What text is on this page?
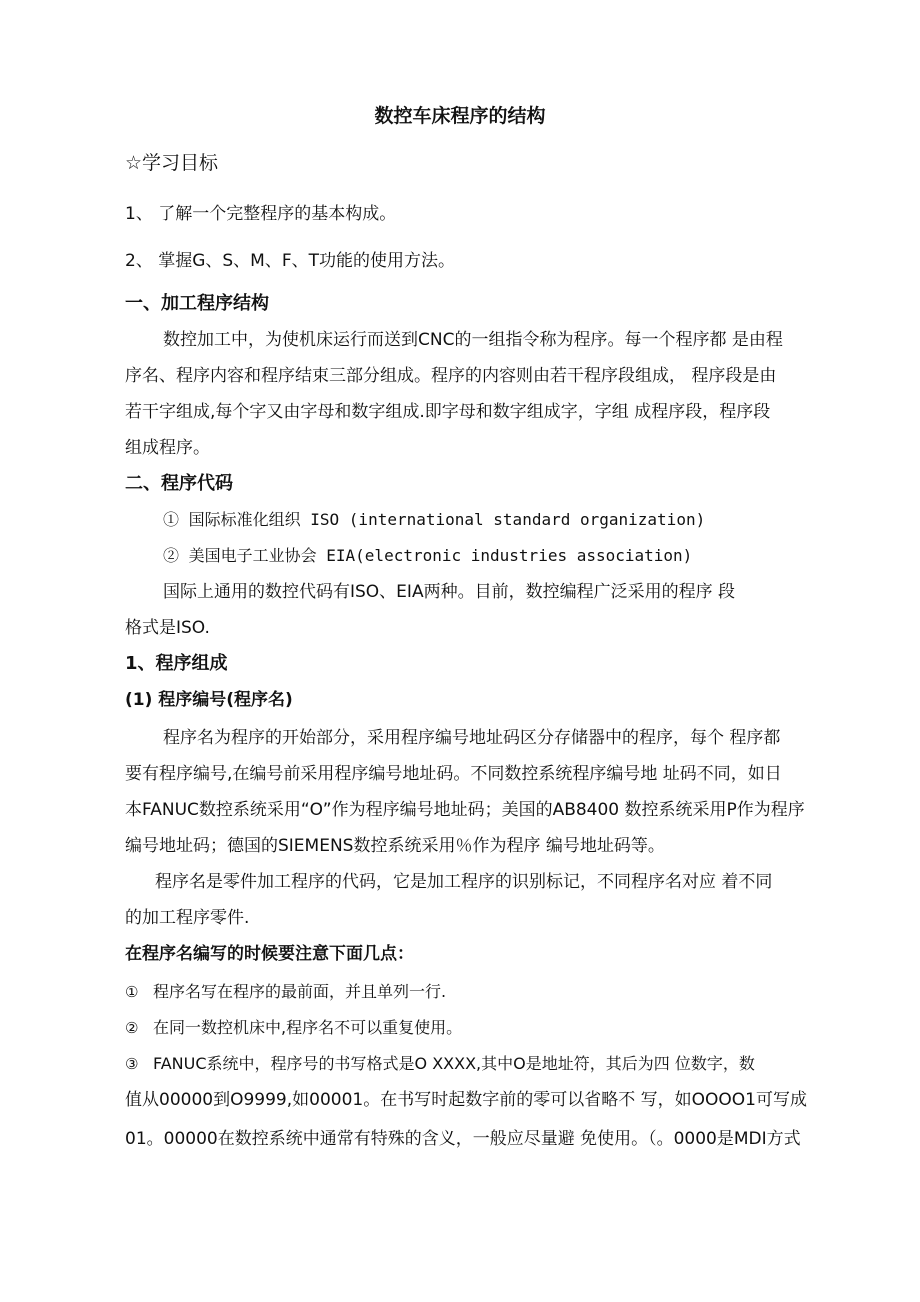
数控车床程序的结构

☆学习目标

1、 了解一个完整程序的基本构成。

2、 掌握G、S、M、F、T功能的使用方法。

一、加工程序结构

数控加工中，为使机床运行而送到CNC的一组指令称为程序。每一个程序都 是由程

序名、程序内容和程序结束三部分组成。程序的内容则由若干程序段组成， 程序段是由

若干字组成,每个字又由字母和数字组成.即字母和数字组成字，字组 成程序段，程序段

组成程序。

二、程序代码

① 国际标准化组织 ISO (international standard organization)

② 美国电子工业协会 EIA(electronic industries association)

国际上通用的数控代码有ISO、EIA两种。目前，数控编程广泛采用的程序 段

格式是ISO.

1、程序组成

(1) 程序编号(程序名)

程序名为程序的开始部分，采用程序编号地址码区分存储器中的程序，每个 程序都

要有程序编号,在编号前采用程序编号地址码。不同数控系统程序编号地 址码不同，如日

本FANUC数控系统采用“O”作为程序编号地址码；美国的AB8400 数控系统采用P作为程序

编号地址码；德国的SIEMENS数控系统采用％作为程序 编号地址码等。

程序名是零件加工程序的代码，它是加工程序的识别标记，不同程序名对应 着不同

的加工程序零件.

在程序名编写的时候要注意下面几点：

① 程序名写在程序的最前面，并且单列一行.
② 在同一数控机床中,程序名不可以重复使用。
③ FANUC系统中，程序号的书写格式是O XXXX,其中O是地址符，其后为四 位数字，数

值从00000到O9999,如00001。在书写时起数字前的零可以省略不 写，如OOOO1可写成

01。00000在数控系统中通常有特殊的含义，一般应尽量避 免使用。（。0000是MDI方式
